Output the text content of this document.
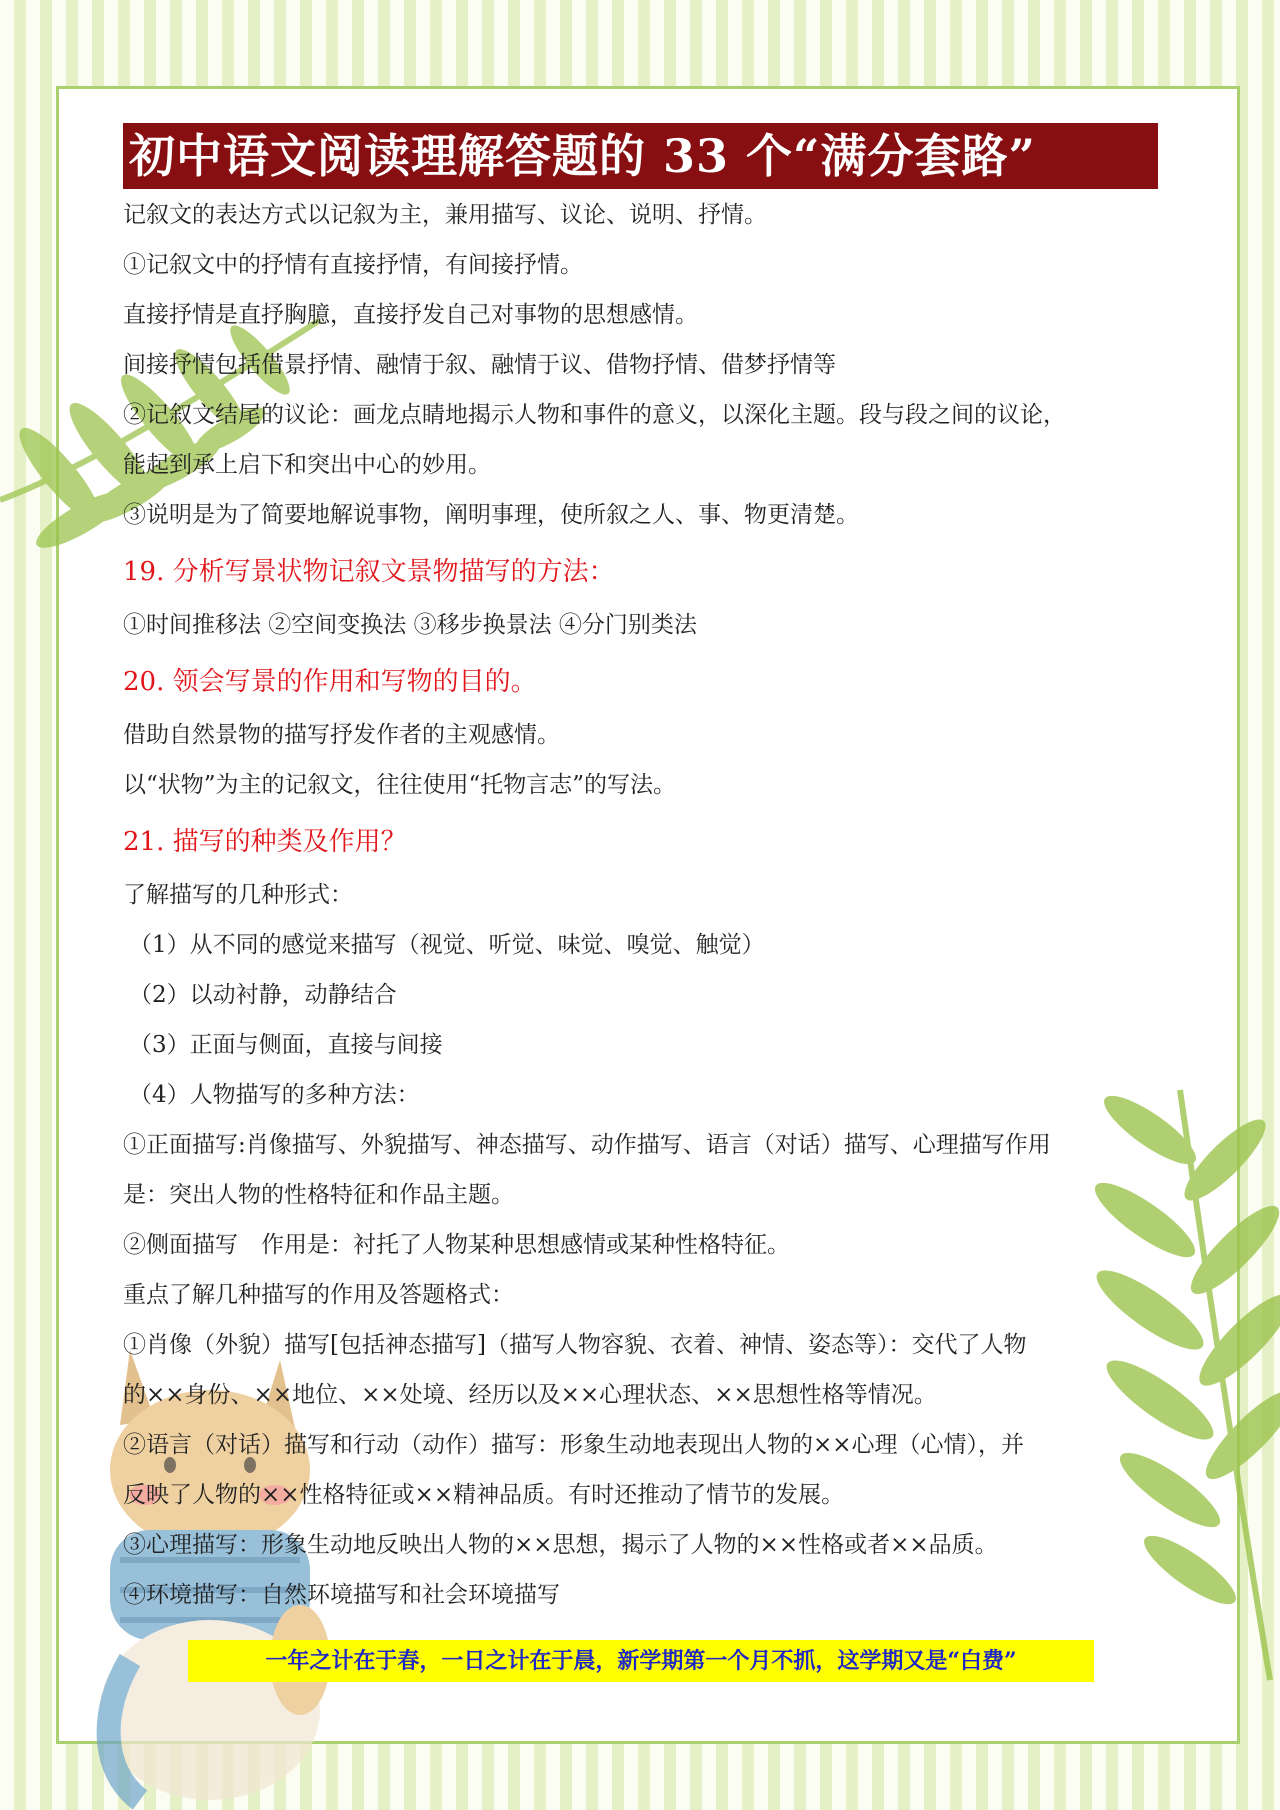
初中语文阅读理解答题的 33 个“满分套路”
记叙文的表达方式以记叙为主，兼用描写、议论、说明、抒情。
①记叙文中的抒情有直接抒情，有间接抒情。
直接抒情是直抒胸臆，直接抒发自己对事物的思想感情。
间接抒情包括借景抒情、融情于叙、融情于议、借物抒情、借梦抒情等
②记叙文结尾的议论：画龙点睛地揭示人物和事件的意义，以深化主题。段与段之间的议论，
能起到承上启下和突出中心的妙用。
③说明是为了简要地解说事物，阐明事理，使所叙之人、事、物更清楚。
19. 分析写景状物记叙文景物描写的方法：
①时间推移法 ②空间变换法 ③移步换景法 ④分门别类法
20. 领会写景的作用和写物的目的。
借助自然景物的描写抒发作者的主观感情。
以“状物”为主的记叙文，往往使用“托物言志”的写法。
21. 描写的种类及作用？
了解描写的几种形式：
（1）从不同的感觉来描写（视觉、听觉、味觉、嗅觉、触觉）
（2）以动衬静，动静结合
（3）正面与侧面，直接与间接
（4）人物描写的多种方法：
①正面描写:肖像描写、外貌描写、神态描写、动作描写、语言（对话）描写、心理描写作用
是：突出人物的性格特征和作品主题。
②侧面描写　作用是：衬托了人物某种思想感情或某种性格特征。
重点了解几种描写的作用及答题格式：
①肖像（外貌）描写[包括神态描写]（描写人物容貌、衣着、神情、姿态等）：交代了人物
的××身份、××地位、××处境、经历以及××心理状态、××思想性格等情况。
②语言（对话）描写和行动（动作）描写：形象生动地表现出人物的××心理（心情），并
反映了人物的××性格特征或××精神品质。有时还推动了情节的发展。
③心理描写：形象生动地反映出人物的××思想，揭示了人物的××性格或者××品质。
④环境描写：自然环境描写和社会环境描写
一年之计在于春，一日之计在于晨，新学期第一个月不抓，这学期又是“白费”
